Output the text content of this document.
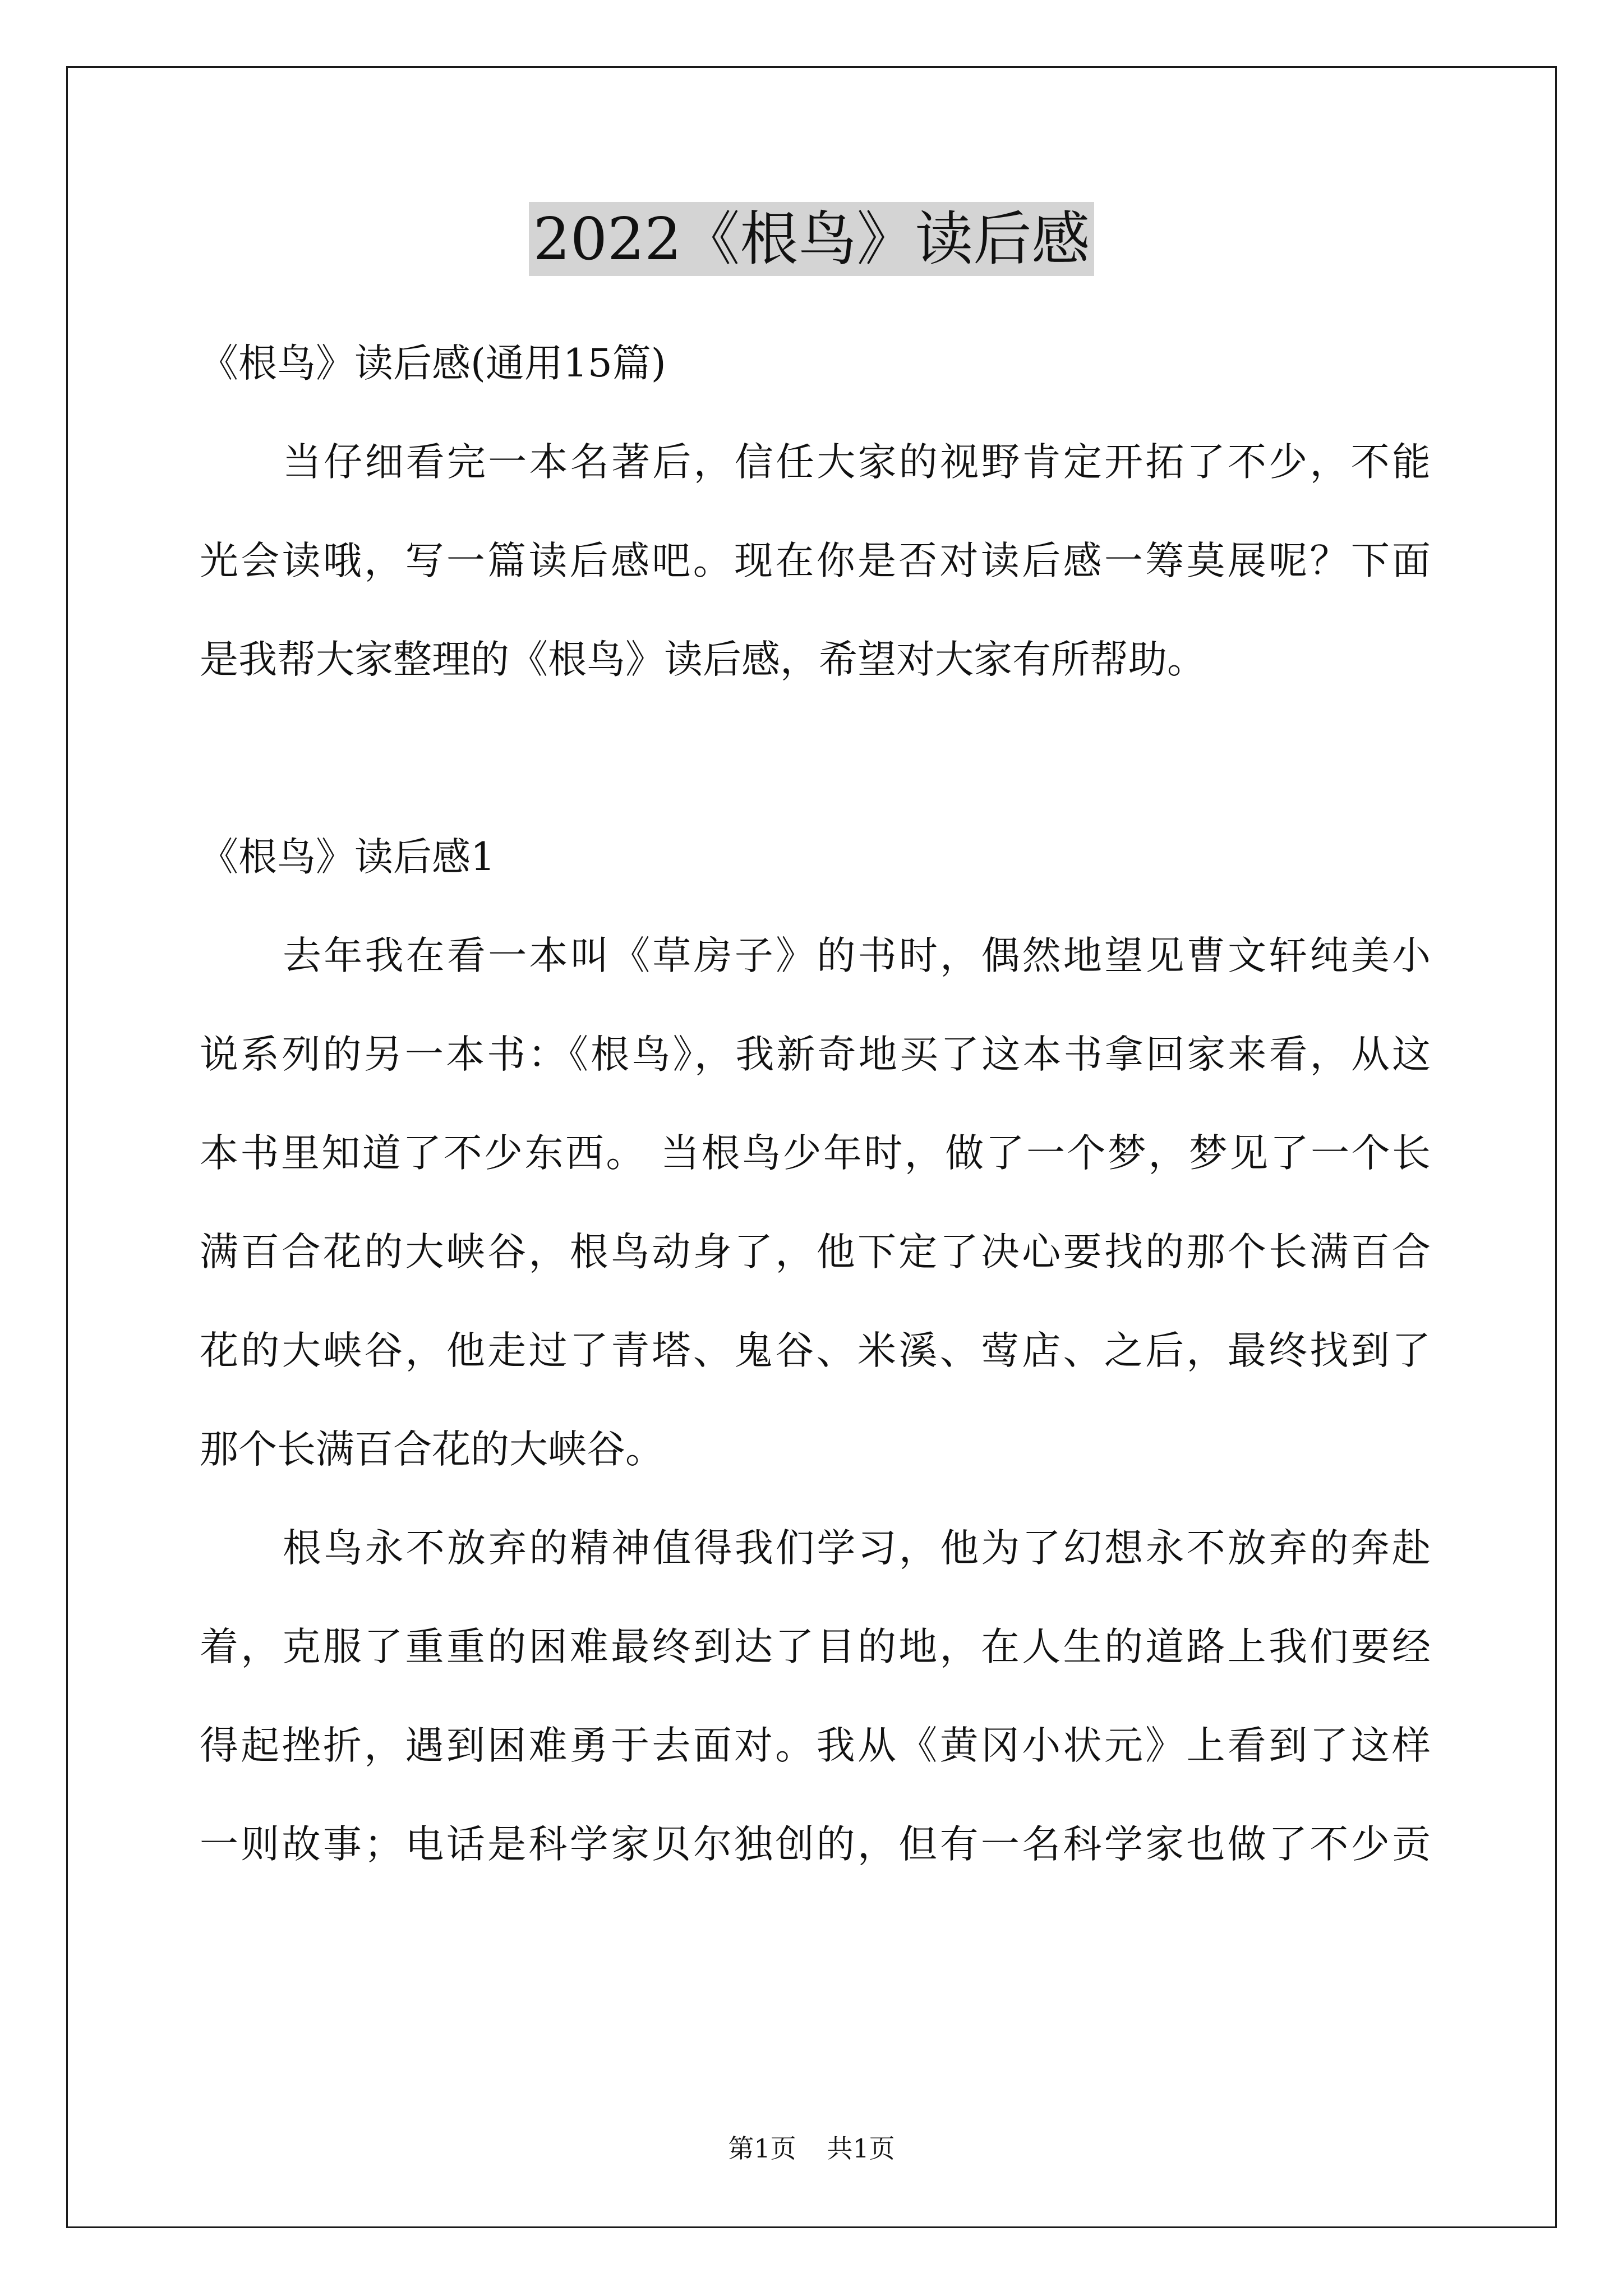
2022《根鸟》读后感
《根鸟》读后感(通用15篇)
当仔细看完一本名著后，信任大家的视野肯定开拓了不少，不能
光会读哦，写一篇读后感吧。现在你是否对读后感一筹莫展呢？下面
是我帮大家整理的《根鸟》读后感，希望对大家有所帮助。
《根鸟》读后感1
去年我在看一本叫《草房子》的书时，偶然地望见曹文轩纯美小
说系列的另一本书：《根鸟》，我新奇地买了这本书拿回家来看，从这
本书里知道了不少东西。 当根鸟少年时，做了一个梦，梦见了一个长
满百合花的大峡谷，根鸟动身了，他下定了决心要找的那个长满百合
花的大峡谷，他走过了青塔、鬼谷、米溪、莺店、之后，最终找到了
那个长满百合花的大峡谷。
根鸟永不放弃的精神值得我们学习，他为了幻想永不放弃的奔赴
着，克服了重重的困难最终到达了目的地，在人生的道路上我们要经
得起挫折，遇到困难勇于去面对。我从《黄冈小状元》上看到了这样
一则故事；电话是科学家贝尔独创的，但有一名科学家也做了不少贡
第1页 共1页
